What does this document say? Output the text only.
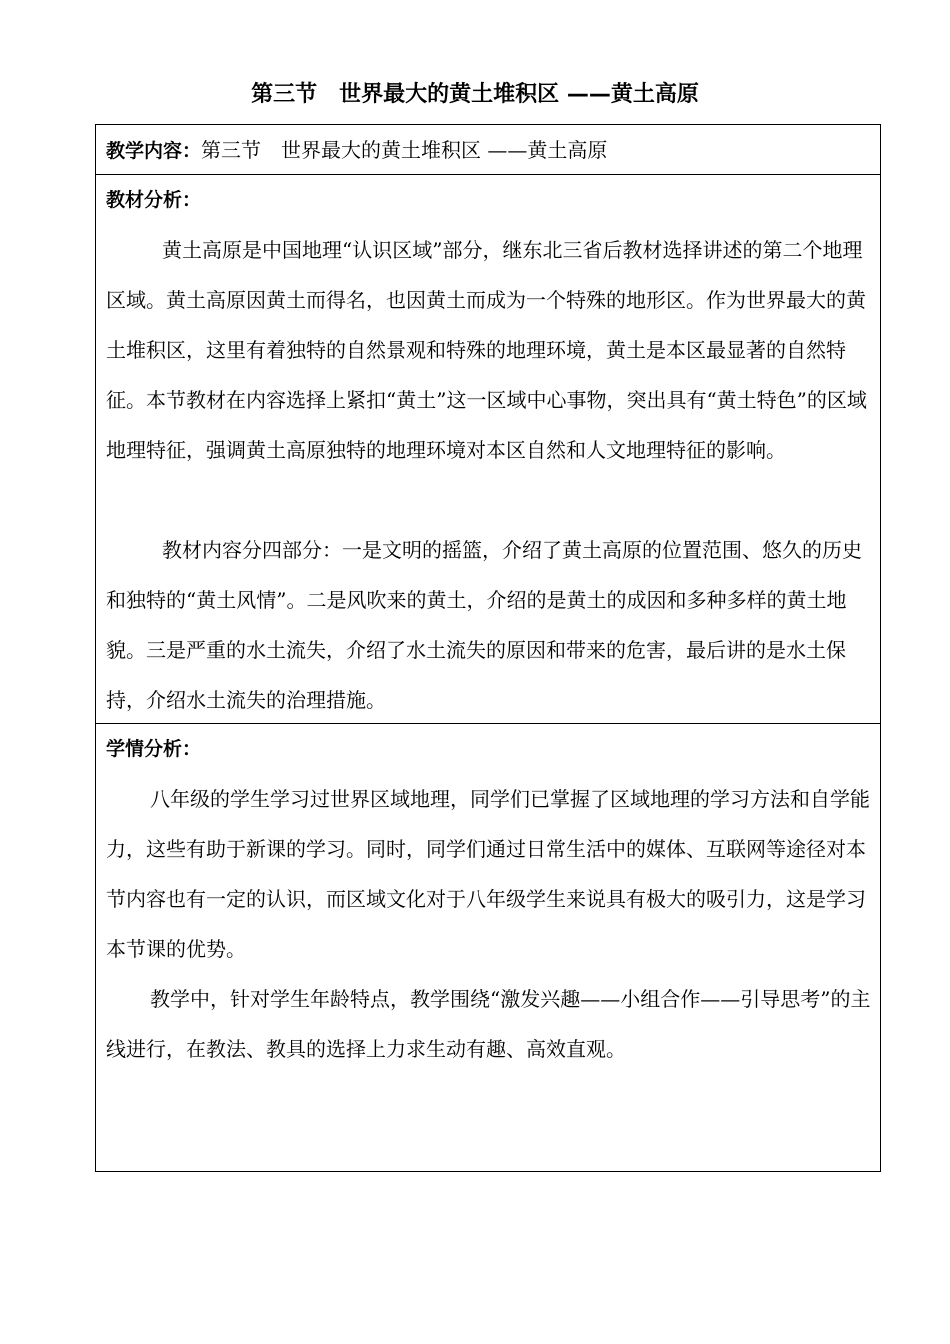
第三节　世界最大的黄土堆积区 ——黄土高原
教学内容：第三节　世界最大的黄土堆积区 ——黄土高原
教材分析：

黄土高原是中国地理“认识区域”部分，继东北三省后教材选择讲述的第二个地理区域。黄土高原因黄土而得名，也因黄土而成为一个特殊的地形区。作为世界最大的黄土堆积区，这里有着独特的自然景观和特殊的地理环境，黄土是本区最显著的自然特征。本节教材在内容选择上紧扣“黄土”这一区域中心事物，突出具有“黄土特色”的区域地理特征，强调黄土高原独特的地理环境对本区自然和人文地理特征的影响。

教材内容分四部分：一是文明的摇篮，介绍了黄土高原的位置范围、悠久的历史和独特的“黄土风情”。二是风吹来的黄土，介绍的是黄土的成因和多种多样的黄土地貌。三是严重的水土流失，介绍了水土流失的原因和带来的危害，最后讲的是水土保持，介绍水土流失的治理措施。

学情分析：

八年级的学生学习过世界区域地理，同学们已掌握了区域地理的学习方法和自学能力，这些有助于新课的学习。同时，同学们通过日常生活中的媒体、互联网等途径对本节内容也有一定的认识，而区域文化对于八年级学生来说具有极大的吸引力，这是学习本节课的优势。

教学中，针对学生年龄特点，教学围绕“激发兴趣——小组合作——引导思考”的主线进行，在教法、教具的选择上力求生动有趣、高效直观。
